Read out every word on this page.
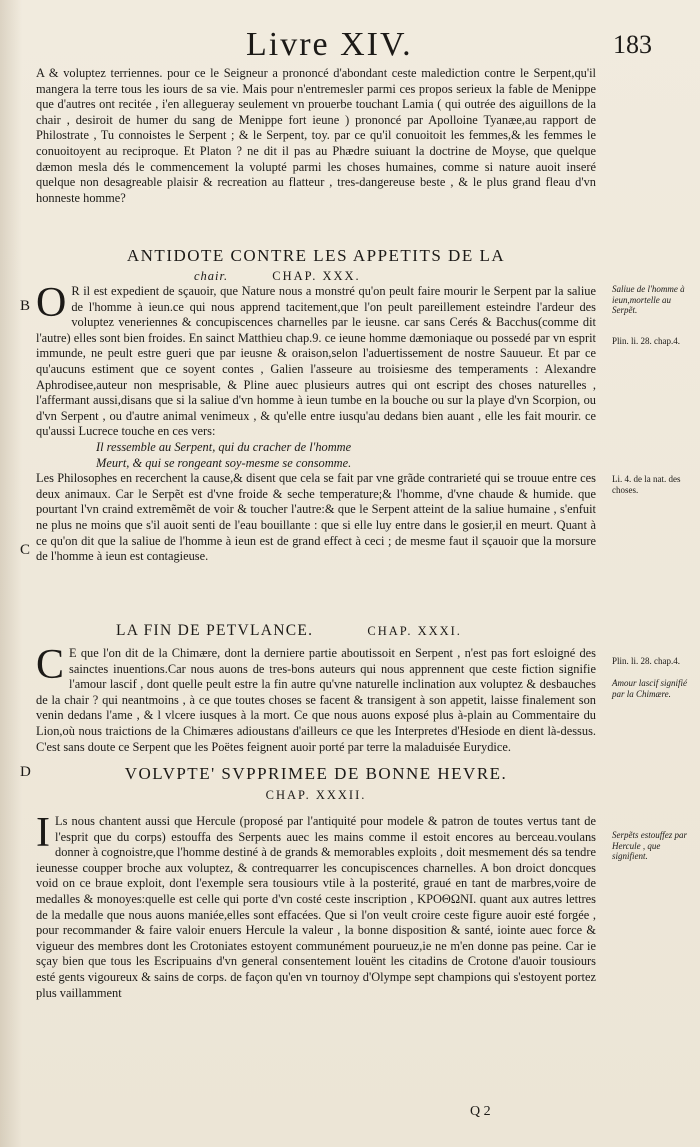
Livre XIV.	183

A & voluptez terriennes. pour ce le Seigneur a prononcé d'abondant ceste malediction contre le Serpent,qu'il mangera la terre tous les iours de sa vie. Mais pour n'entremesler parmi ces propos serieux la fable de Menippe que d'autres ont recitée , i'en allegueray seulement vn prouerbe touchant Lamia ( qui outrée des aiguillons de la chair , desiroit de humer du sang de Menippe fort ieune ) prononcé par Apolloine Tyanæe,au rapport de Philostrate , Tu connoistes le Serpent ; & le Serpent, toy. par ce qu'il conuoitoit les femmes,& les femmes le conuoitoyent au reciproque. Et Platon ? ne dit il pas au Phædre suiuant la doctrine de Moyse, que quelque dæmon mesla dés le commencement la volupté parmi les choses humaines, comme si nature auoit inseré quelque non desagreable plaisir & recreation au flatteur , tres-dangereuse beste , & le plus grand fleau d'vn honneste homme?

ANTIDOTE CONTRE LES APPETITS DE LA
chair.	CHAP. XXX.

O R il est expedient de sçauoir, que Nature nous a monstré qu'on peult faire mourir le Serpent par la saliue de l'homme à ieun.ce qui nous apprend tacitement,que l'on peult pareillement esteindre l'ardeur des voluptez veneriennes & concupiscences charnelles par le ieusne. car sans Cerés & Bacchus(comme dit l'autre) elles sont bien froides. En sainct Matthieu chap.9. ce ieune homme dæmoniaque ou possedé par vn esprit immunde, ne peult estre gueri que par ieusne & oraison,selon l'aduertissement de nostre Sauueur. Et par ce qu'aucuns estiment que ce soyent contes , Galien l'asseure au troisiesme des temperaments : Alexandre Aphrodisee,auteur non mesprisable, & Pline auec plusieurs autres qui ont escript des choses naturelles , l'affermant aussi,disans que si la saliue d'vn homme à ieun tumbe en la bouche ou sur la playe d'vn Scorpion, ou d'vn Serpent , ou d'autre animal venimeux , & qu'elle entre iusqu'au dedans bien auant , elle les fait mourir. ce qu'aussi Lucrece touche en ces vers:

Il ressemble au Serpent, qui du cracher de l'homme

Meurt, & qui se rongeant soy-mesme se consomme.

Les Philosophes en recerchent la cause,& disent que cela se fait par vne grãde contrarieté qui se trouue entre ces deux animaux. Car le Serpẽt est d'vne froide & seche temperature;& l'homme, d'vne chaude & humide. que pourtant l'vn craind extremẽmẽt de voir & toucher l'autre:& que le Serpent atteint de la saliue humaine , s'enfuit ne plus ne moins que s'il auoit senti de l'eau bouillante : que si elle luy entre dans le gosier,il en meurt. Quant à ce qu'on dit que la saliue de l'homme à ieun est de grand effect à ceci ; de mesme faut il sçauoir que la morsure de l'homme à ieun est contagieuse.

LA FIN DE PETVLANCE.	CHAP. XXXI.

C E que l'on dit de la Chimære, dont la derniere partie aboutissoit en Serpent , n'est pas fort esloigné des sainctes inuentions.Car nous auons de tres-bons auteurs qui nous apprennent que ceste fiction signifie l'amour lascif , dont quelle peult estre la fin autre qu'vne naturelle inclination aux voluptez & desbauches de la chair ? qui neantmoins , à ce que toutes choses se facent & transigent à son appetit, laisse finalement son venin dedans l'ame , & l vlcere iusques à la mort. Ce que nous auons exposé plus à-plain au Commentaire du Lion,où nous traictions de la Chimæres adioustans d'ailleurs ce que les Interpretes d'Hesiode en dient là-dessus. C'est sans doute ce Serpent que les Poëtes feignent auoir porté par terre la maladuisée Eurydice.

VOLVPTE' SVPPRIMEE DE BONNE HEVRE.
CHAP. XXXII.

I Ls nous chantent aussi que Hercule (proposé par l'antiquité pour modele & patron de toutes vertus tant de l'esprit que du corps) estouffa des Serpents auec les mains comme il estoit encores au berceau.voulans donner à cognoistre,que l'homme destiné à de grands & memorables exploits , doit mesmement dés sa tendre ieunesse coupper broche aux voluptez, & contrequarrer les concupiscences charnelles. A bon droict doncques void on ce braue exploit, dont l'exemple sera tousiours vtile à la posterité, graué en tant de marbres,voire de medalles & monoyes:quelle est celle qui porte d'vn costé ceste inscription , ΚΡΟΘΩΝΙ. quant aux autres lettres de la medalle que nous auons maniée,elles sont effacées. Que si l'on veult croire ceste figure auoir esté forgée , pour recommander & faire valoir enuers Hercule la valeur , la bonne disposition & santé, iointe auec force & vigueur des membres dont les Crotoniates estoyent communément pourueuz,ie ne m'en donne pas peine. Car ie sçay bien que tous les Escripuains d'vn general consentement louënt les citadins de Crotone d'auoir tousiours esté gents vigoureux & sains de corps. de façon qu'en vn tournoy d'Olympe sept champions qui s'estoyent portez plus vaillamment

Saliue de l'homme à ieun,mortelle au Serpẽt.
Plin. li. 28. chap.4.
Li. 4. de la nat. des choses.
Plin. li. 28. chap.4.
Amour lascif signifié par la Chimære.
Serpẽts estouffez par Hercule , que signifient.
B
C
D
Q 2
